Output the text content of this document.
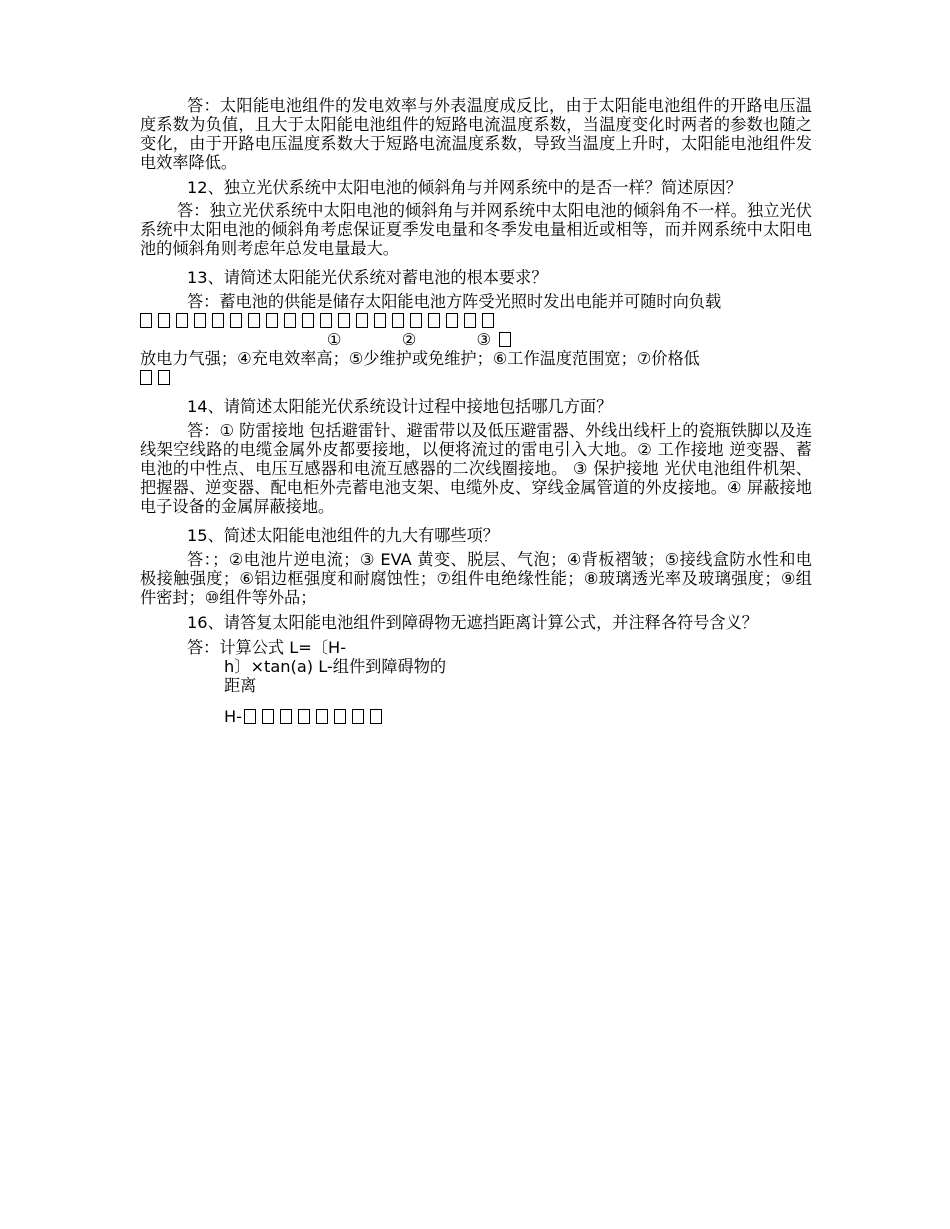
答：太阳能电池组件的发电效率与外表温度成反比，由于太阳能电池组件的开路电压温度系数为负值，且大于太阳能电池组件的短路电流温度系数，当温度变化时两者的参数也随之变化，由于开路电压温度系数大于短路电流温度系数，导致当温度上升时，太阳能电池组件发电效率降低。

12、独立光伏系统中太阳电池的倾斜角与并网系统中的是否一样？简述原因？

答：独立光伏系统中太阳电池的倾斜角与并网系统中太阳电池的倾斜角不一样。独立光伏系统中太阳电池的倾斜角考虑保证夏季发电量和冬季发电量相近或相等，而并网系统中太阳电池的倾斜角则考虑年总发电量最大。

13、请简述太阳能光伏系统对蓄电池的根本要求？

答：蓄电池的供能是储存太阳能电池方阵受光照时发出电能并可随时向负载

①      ②      ③

放电力气强；④充电效率高；⑤少维护或免维护；⑥工作温度范围宽；⑦价格低

14、请简述太阳能光伏系统设计过程中接地包括哪几方面？

答：① 防雷接地 包括避雷针、避雷带以及低压避雷器、外线出线杆上的瓷瓶铁脚以及连线架空线路的电缆金属外皮都要接地，以便将流过的雷电引入大地。② 工作接地 逆变器、蓄电池的中性点、电压互感器和电流互感器的二次线圈接地。 ③ 保护接地 光伏电池组件机架、把握器、逆变器、配电柜外壳蓄电池支架、电缆外皮、穿线金属管道的外皮接地。④ 屏蔽接地 电子设备的金属屏蔽接地。

15、简述太阳能电池组件的九大有哪些项？

答：；②电池片逆电流；③ EVA 黄变、脱层、气泡；④背板褶皱；⑤接线盒防水性和电极接触强度；⑥铝边框强度和耐腐蚀性；⑦组件电绝缘性能；⑧玻璃透光率及玻璃强度；⑨组件密封；⑩组件等外品；

16、请答复太阳能电池组件到障碍物无遮挡距离计算公式，并注释各符号含义？

答：计算公式 L=〔H-
h〕×tan(a) L-组件到障碍物的距离
H-
